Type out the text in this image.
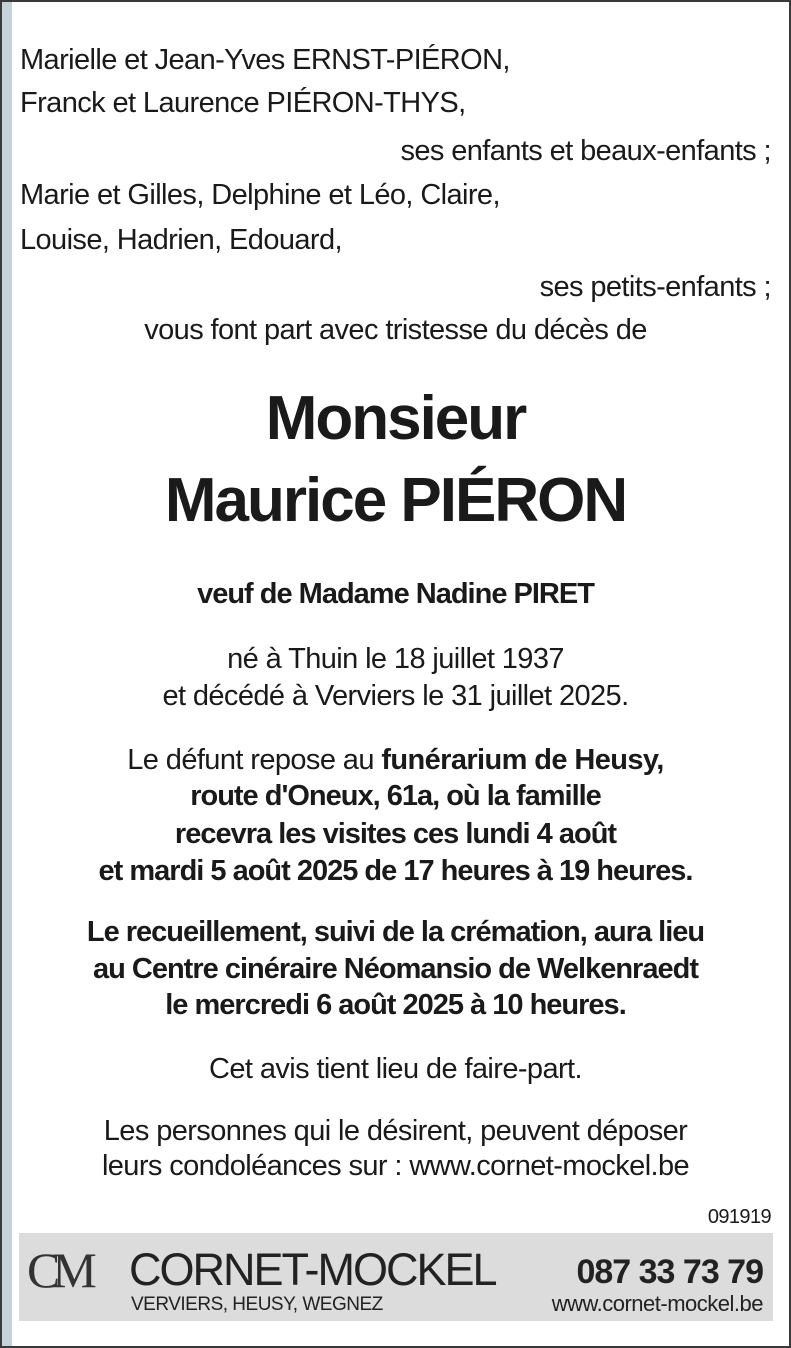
Marielle et Jean-Yves ERNST-PIÉRON,
Franck et Laurence PIÉRON-THYS,
ses enfants et beaux-enfants ;
Marie et Gilles, Delphine et Léo, Claire,
Louise, Hadrien, Edouard,
ses petits-enfants ;
vous font part avec tristesse du décès de
Monsieur
Maurice PIÉRON
veuf de Madame Nadine PIRET
né à Thuin le 18 juillet 1937
et décédé à Verviers le 31 juillet 2025.
Le défunt repose au funérarium de Heusy,
route d'Oneux, 61a, où la famille
recevra les visites ces lundi 4 août
et mardi 5 août 2025 de 17 heures à 19 heures.
Le recueillement, suivi de la crémation, aura lieu
au Centre cinéraire Néomansio de Welkenraedt
le mercredi 6 août 2025 à 10 heures.
Cet avis tient lieu de faire-part.
Les personnes qui le désirent, peuvent déposer
leurs condoléances sur : www.cornet-mockel.be
091919
CM CORNET-MOCKEL
VERVIERS, HEUSY, WEGNEZ
087 33 73 79
www.cornet-mockel.be
